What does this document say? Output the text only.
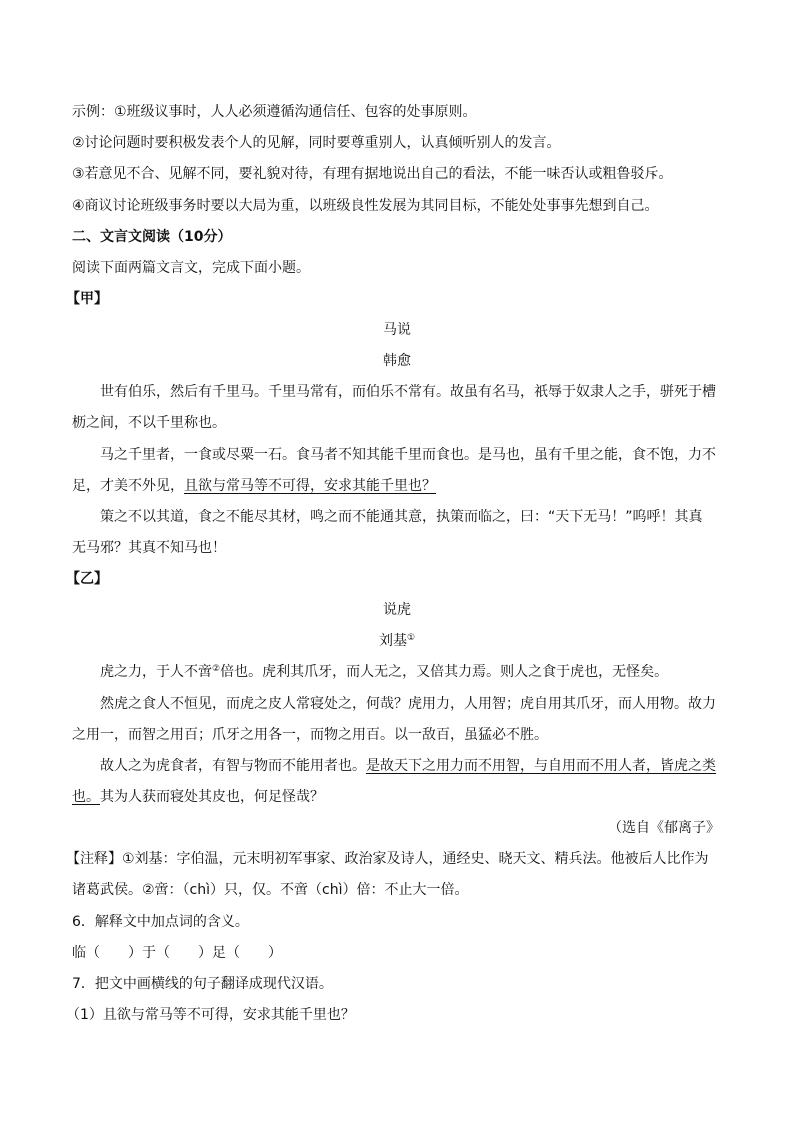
示例：①班级议事时，人人必须遵循沟通信任、包容的处事原则。
②讨论问题时要积极发表个人的见解，同时要尊重别人，认真倾听别人的发言。
③若意见不合、见解不同，要礼貌对待，有理有据地说出自己的看法，不能一味否认或粗鲁驳斥。
④商议讨论班级事务时要以大局为重，以班级良性发展为其同目标，不能处处事事先想到自己。
二、文言文阅读（10分）
阅读下面两篇文言文，完成下面小题。
【甲】
马说
韩愈
世有伯乐，然后有千里马。千里马常有，而伯乐不常有。故虽有名马，祇辱于奴隶人之手，骈死于槽
枥之间，不以千里称也。
马之千里者，一食或尽粟一石。食马者不知其能千里而食也。是马也，虽有千里之能，食不饱，力不
足，才美不外见，且欲与常马等不可得，安求其能千里也？
策之不以其道，食之不能尽其材，鸣之而不能通其意，执策而临之，曰：“天下无马！”呜呼！其真
无马邪？其真不知马也！
【乙】
说虎
刘基①
虎之力，于人不啻②倍也。虎利其爪牙，而人无之，又倍其力焉。则人之食于虎也，无怪矣。
然虎之食人不恒见，而虎之皮人常寝处之，何哉？虎用力，人用智；虎自用其爪牙，而人用物。故力
之用一，而智之用百；爪牙之用各一，而物之用百。以一敌百，虽猛必不胜。
故人之为虎食者，有智与物而不能用者也。是故天下之用力而不用智，与自用而不用人者，皆虎之类
也。其为人获而寝处其皮也，何足怪哉？
（选自《郁离子》
【注释】①刘基：字伯温，元末明初军事家、政治家及诗人，通经史、晓天文、精兵法。他被后人比作为
诸葛武侯。②啻：（chì）只，仅。不啻（chì）倍：不止大一倍。
6．解释文中加点词的含义。
临（　　）于（　　）足（　　）
7．把文中画横线的句子翻译成现代汉语。
（1）且欲与常马等不可得，安求其能千里也？
